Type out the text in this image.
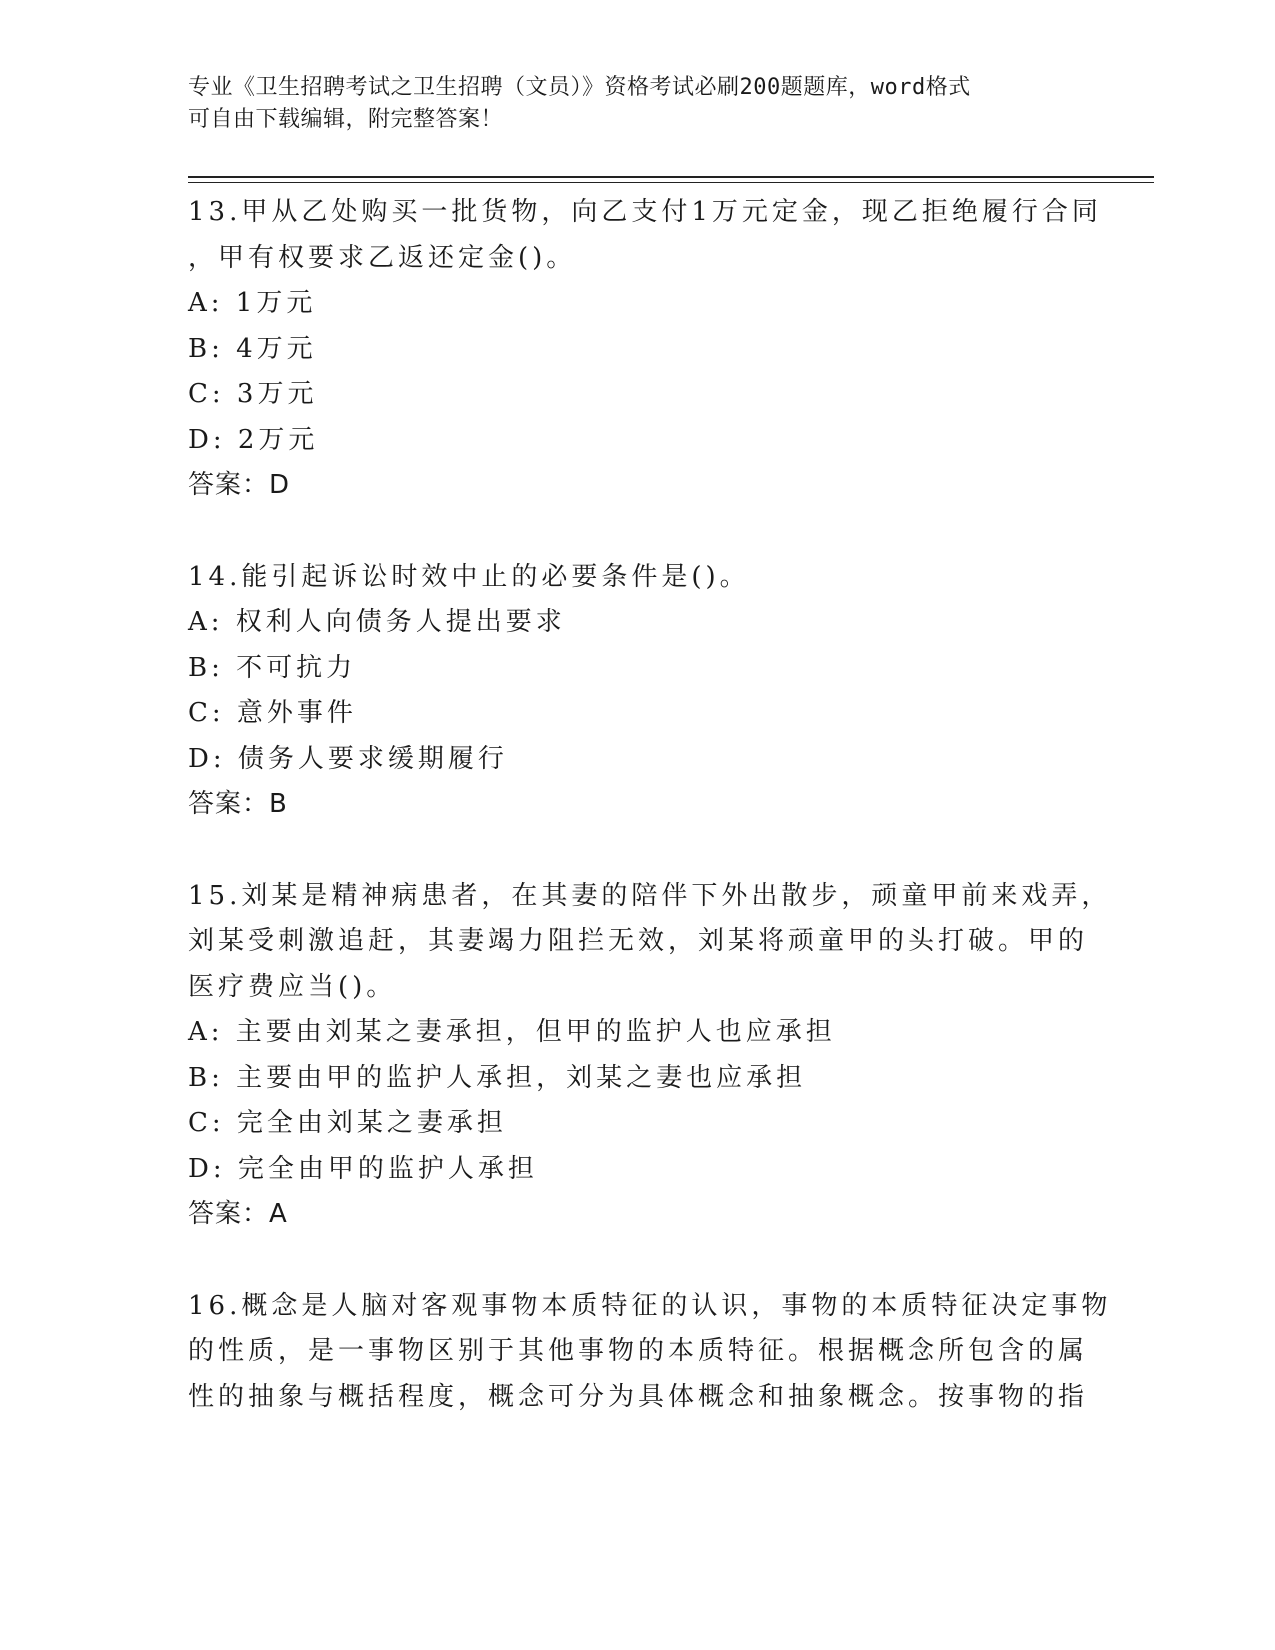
专业《卫生招聘考试之卫生招聘（文员）》资格考试必刷200题题库，word格式
可自由下载编辑，附完整答案！
13.甲从乙处购买一批货物，向乙支付1万元定金，现乙拒绝履行合同
，甲有权要求乙返还定金()。
A: 1万元
B: 4万元
C: 3万元
D: 2万元
答案：D
14.能引起诉讼时效中止的必要条件是()。
A: 权利人向债务人提出要求
B: 不可抗力
C: 意外事件
D: 债务人要求缓期履行
答案：B
15.刘某是精神病患者，在其妻的陪伴下外出散步，顽童甲前来戏弄，
刘某受刺激追赶，其妻竭力阻拦无效，刘某将顽童甲的头打破。甲的
医疗费应当()。
A: 主要由刘某之妻承担，但甲的监护人也应承担
B: 主要由甲的监护人承担，刘某之妻也应承担
C: 完全由刘某之妻承担
D: 完全由甲的监护人承担
答案：A
16.概念是人脑对客观事物本质特征的认识，事物的本质特征决定事物
的性质，是一事物区别于其他事物的本质特征。根据概念所包含的属
性的抽象与概括程度，概念可分为具体概念和抽象概念。按事物的指
